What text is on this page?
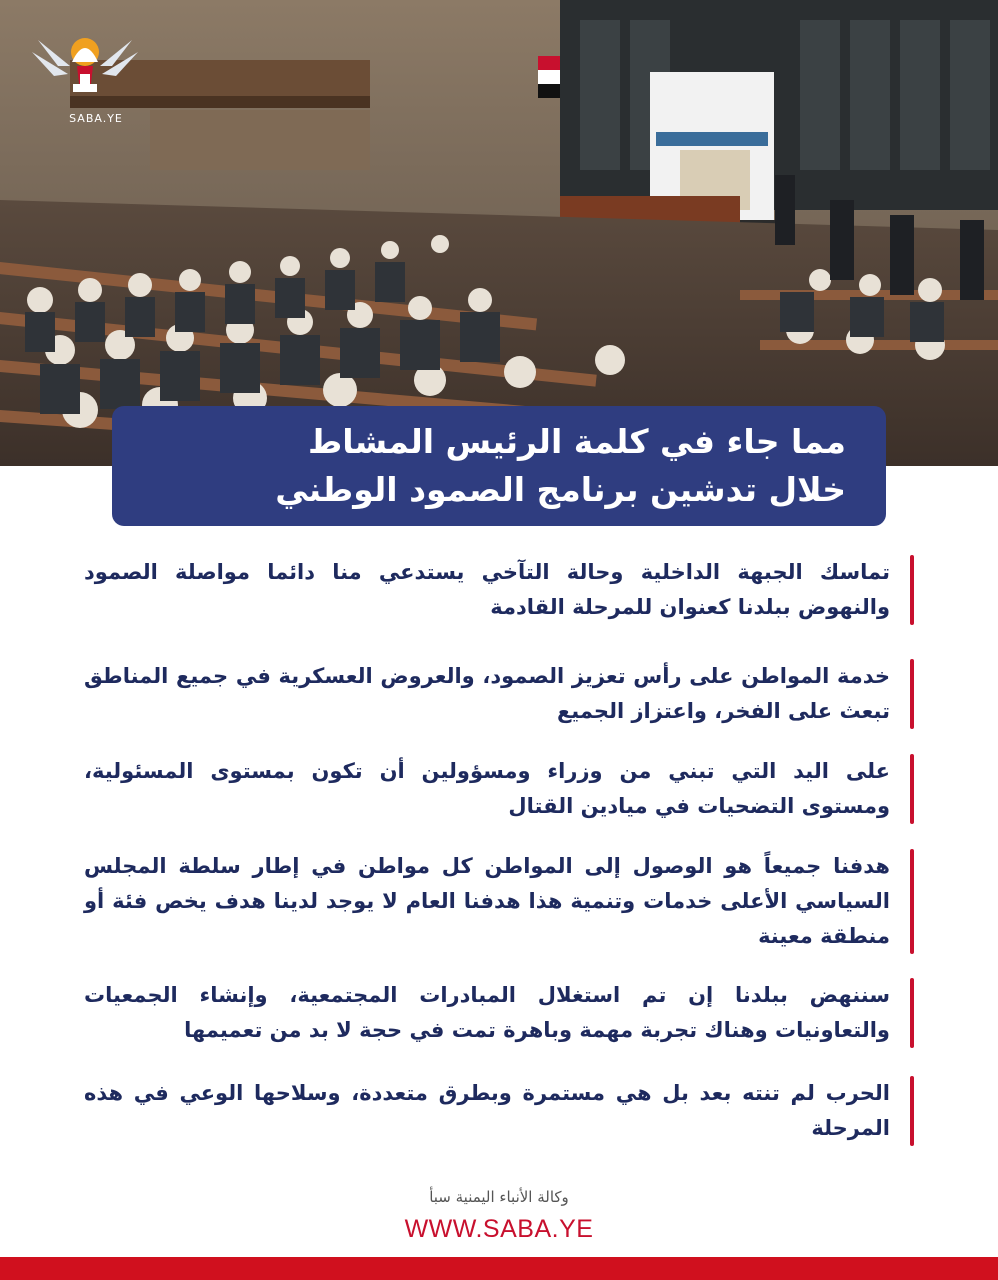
SABA.YE
مما جاء في كلمة الرئيس المشاط
خلال تدشين برنامج الصمود الوطني
تماسك الجبهة الداخلية وحالة التآخي يستدعي منا دائما مواصلة الصمود والنهوض ببلدنا كعنوان للمرحلة القادمة
خدمة المواطن على رأس تعزيز الصمود، والعروض العسكرية في جميع المناطق تبعث على الفخر، واعتزاز الجميع
على اليد التي تبني من وزراء ومسؤولين أن تكون بمستوى المسئولية، ومستوى التضحيات في ميادين القتال
هدفنا جميعاً هو الوصول إلى المواطن كل مواطن في إطار سلطة المجلس السياسي الأعلى خدمات وتنمية هذا هدفنا العام لا يوجد لدينا هدف يخص فئة أو منطقة معينة
سننهض ببلدنا إن تم استغلال المبادرات المجتمعية، وإنشاء الجمعيات والتعاونيات وهناك تجربة مهمة وباهرة تمت في حجة لا بد من تعميمها
الحرب لم تنته بعد بل هي مستمرة وبطرق متعددة، وسلاحها الوعي في هذه المرحلة
وكالة الأنباء اليمنية سبأ
WWW.SABA.YE
